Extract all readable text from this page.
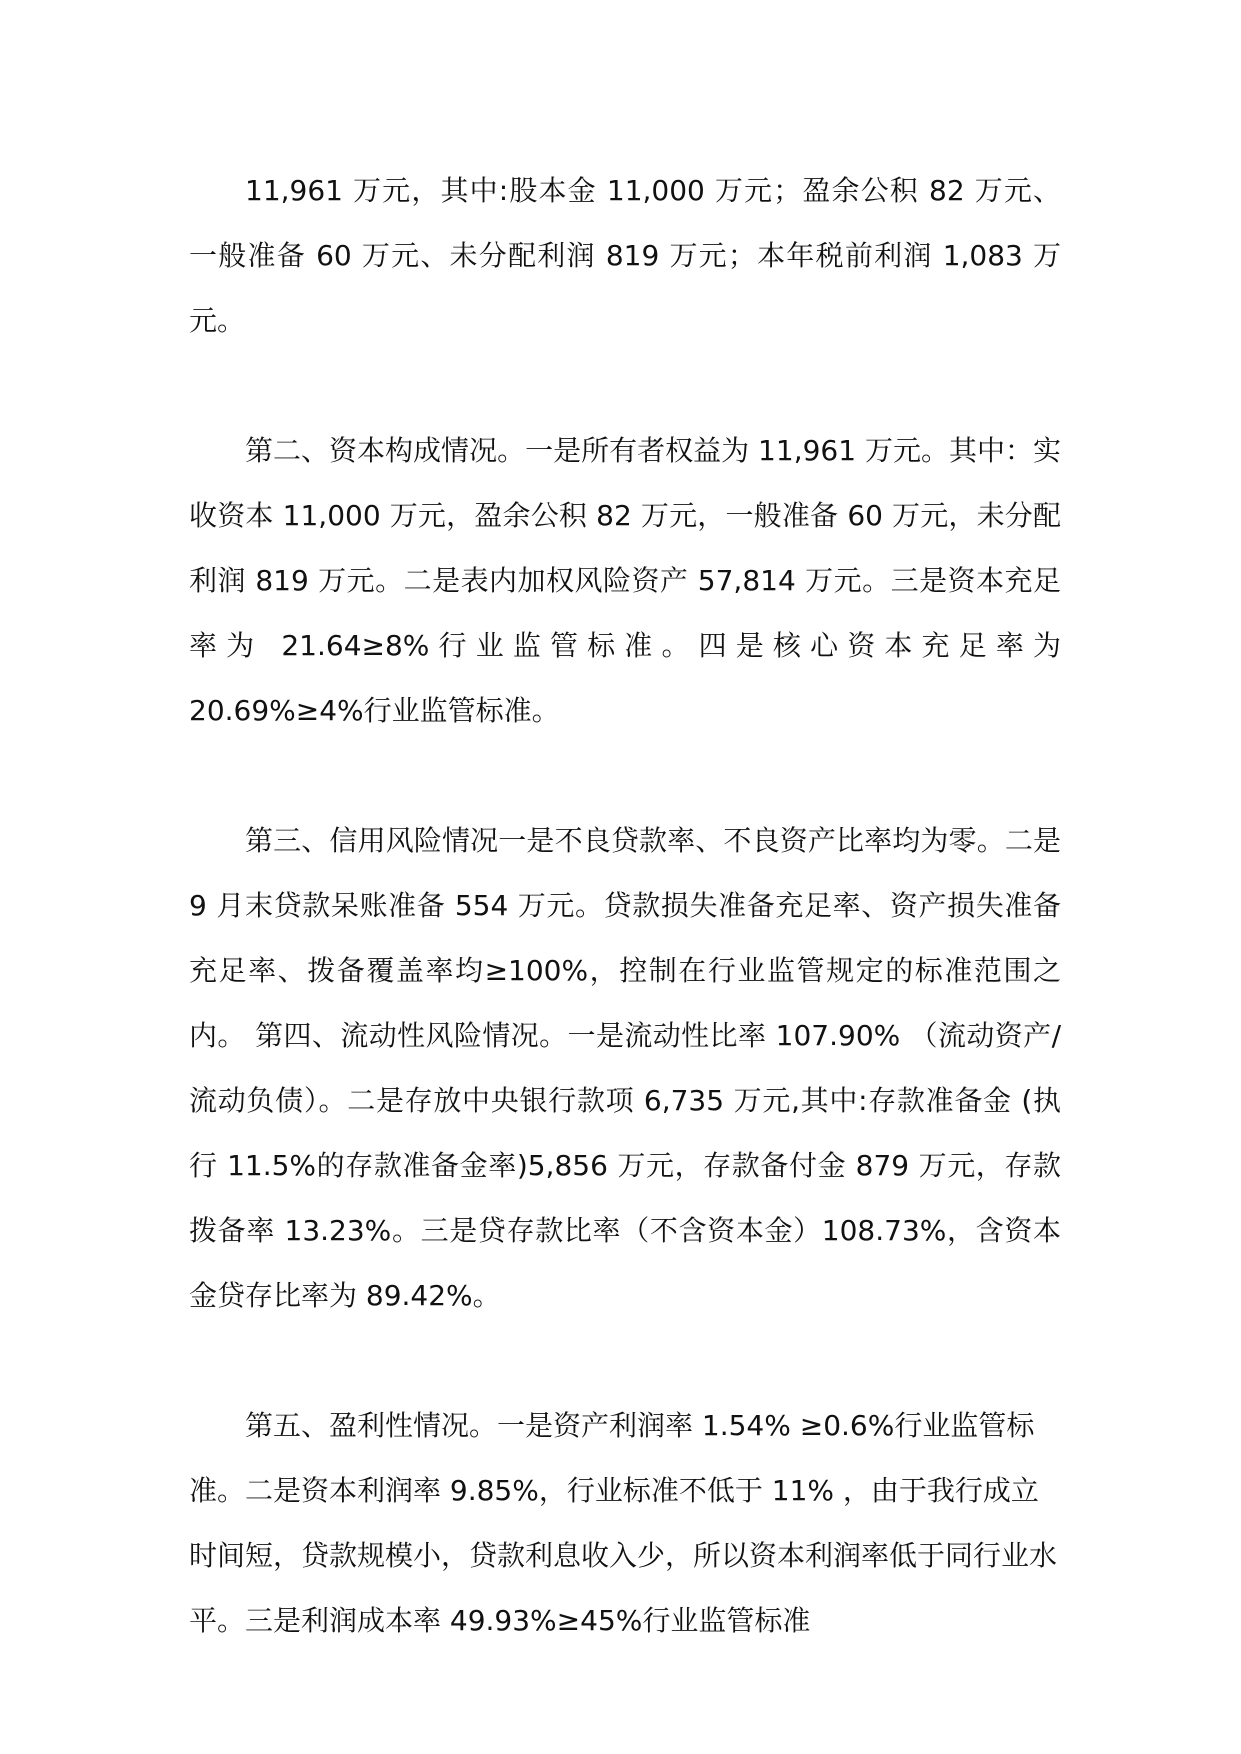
11,961 万元，其中:股本金 11,000 万元；盈余公积 82 万元、一般准备 60 万元、未分配利润 819 万元；本年税前利润 1,083 万元。

第二、资本构成情况。一是所有者权益为 11,961 万元。其中：实收资本 11,000 万元，盈余公积 82 万元，一般准备 60 万元，未分配利润 819 万元。二是表内加权风险资产 57,814 万元。三是资本充足率为 21.64≥8%行业监管标准。四是核心资本充足率为 20.69%≥4%行业监管标准。

第三、信用风险情况一是不良贷款率、不良资产比率均为零。二是 9 月末贷款呆账准备 554 万元。贷款损失准备充足率、资产损失准备充足率、拨备覆盖率均≥100%，控制在行业监管规定的标准范围之内。 第四、流动性风险情况。一是流动性比率 107.90% （流动资产/流动负债）。二是存放中央银行款项 6,735 万元,其中:存款准备金 (执行 11.5%的存款准备金率)5,856 万元，存款备付金 879 万元，存款拨备率 13.23%。三是贷存款比率（不含资本金）108.73%，含资本金贷存比率为 89.42%。

第五、盈利性情况。一是资产利润率 1.54% ≥0.6%行业监管标准。二是资本利润率 9.85%，行业标准不低于 11% ，由于我行成立时间短，贷款规模小，贷款利息收入少，所以资本利润率低于同行业水平。三是利润成本率 49.93%≥45%行业监管标准
